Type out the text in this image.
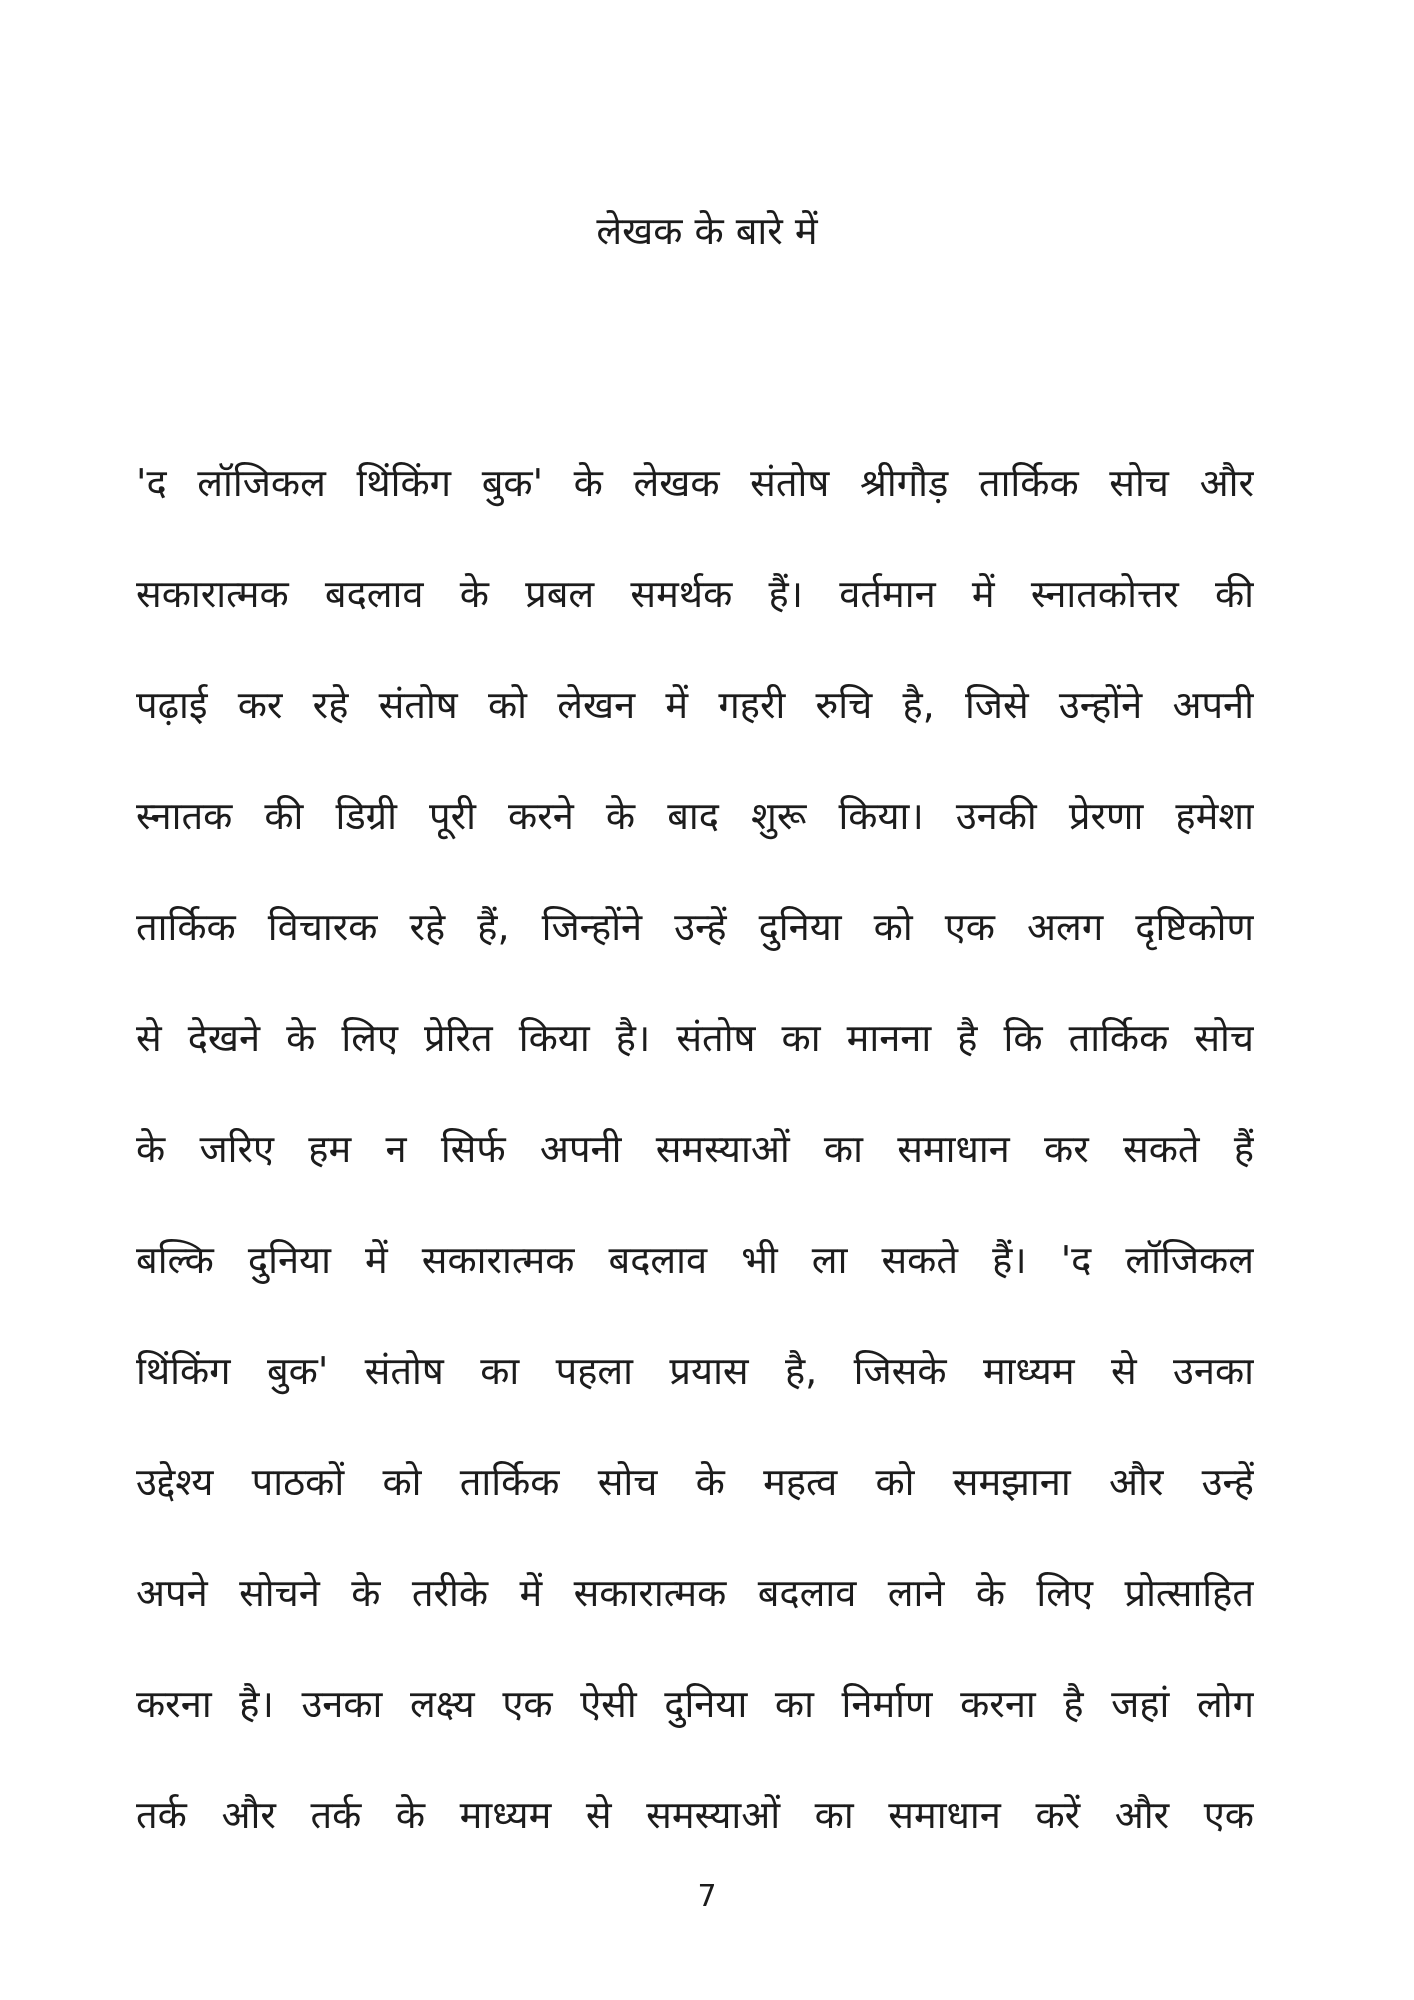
लेखक के बारे में
'द लॉजिकल थिंकिंग बुक' के लेखक संतोष श्रीगौड़ तार्किक सोच और
सकारात्मक बदलाव के प्रबल समर्थक हैं। वर्तमान में स्नातकोत्तर की
पढ़ाई कर रहे संतोष को लेखन में गहरी रुचि है, जिसे उन्होंने अपनी
स्नातक की डिग्री पूरी करने के बाद शुरू किया। उनकी प्रेरणा हमेशा
तार्किक विचारक रहे हैं, जिन्होंने उन्हें दुनिया को एक अलग दृष्टिकोण
से देखने के लिए प्रेरित किया है। संतोष का मानना है कि तार्किक सोच
के जरिए हम न सिर्फ अपनी समस्याओं का समाधान कर सकते हैं
बल्कि दुनिया में सकारात्मक बदलाव भी ला सकते हैं। 'द लॉजिकल
थिंकिंग बुक' संतोष का पहला प्रयास है, जिसके माध्यम से उनका
उद्देश्य पाठकों को तार्किक सोच के महत्व को समझाना और उन्हें
अपने सोचने के तरीके में सकारात्मक बदलाव लाने के लिए प्रोत्साहित
करना है। उनका लक्ष्य एक ऐसी दुनिया का निर्माण करना है जहां लोग
तर्क और तर्क के माध्यम से समस्याओं का समाधान करें और एक
7
